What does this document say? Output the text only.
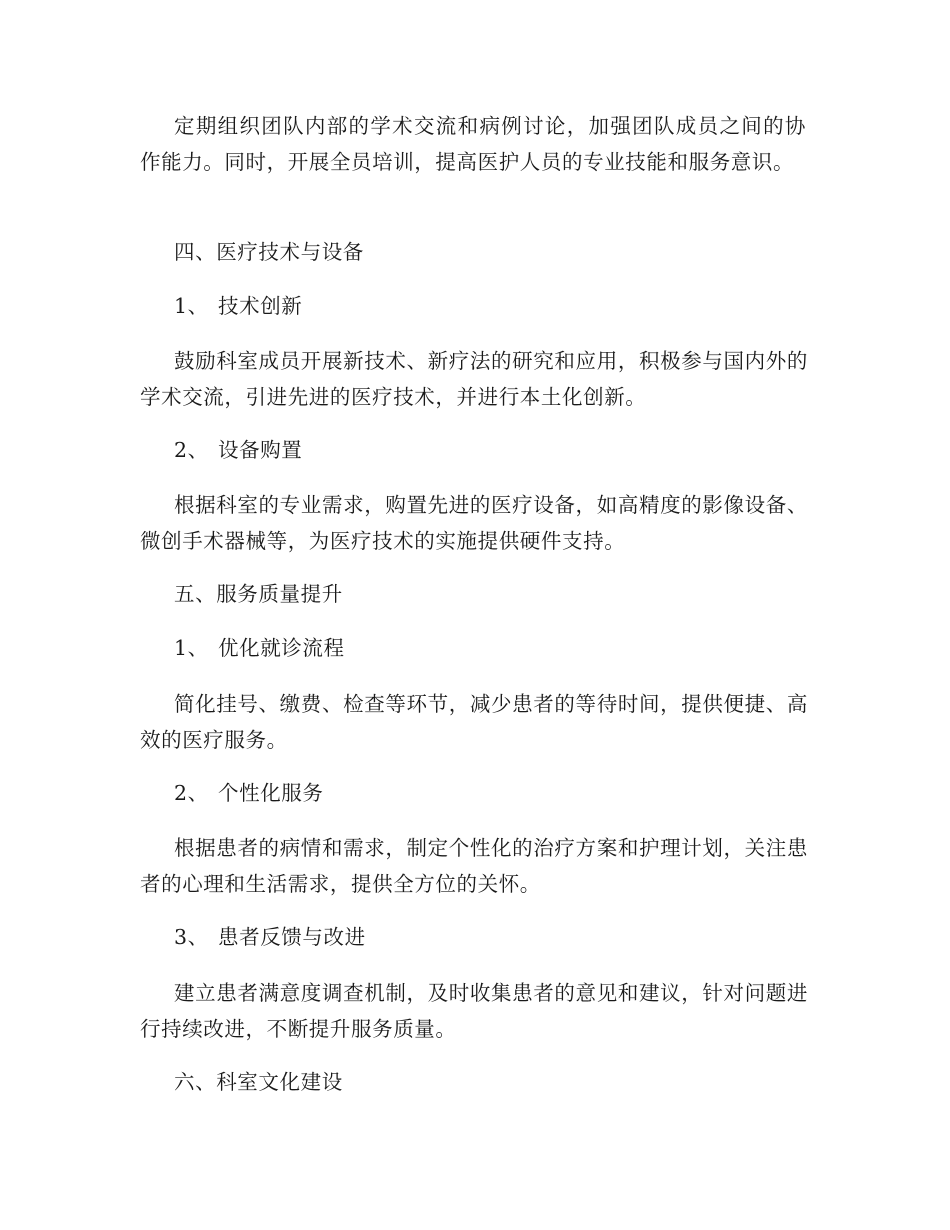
定期组织团队内部的学术交流和病例讨论，加强团队成员之间的协作能力。同时，开展全员培训，提高医护人员的专业技能和服务意识。

四、医疗技术与设备

1、 技术创新

鼓励科室成员开展新技术、新疗法的研究和应用，积极参与国内外的学术交流，引进先进的医疗技术，并进行本土化创新。

2、 设备购置

根据科室的专业需求，购置先进的医疗设备，如高精度的影像设备、微创手术器械等，为医疗技术的实施提供硬件支持。

五、服务质量提升

1、 优化就诊流程

简化挂号、缴费、检查等环节，减少患者的等待时间，提供便捷、高效的医疗服务。

2、 个性化服务

根据患者的病情和需求，制定个性化的治疗方案和护理计划，关注患者的心理和生活需求，提供全方位的关怀。

3、 患者反馈与改进

建立患者满意度调查机制，及时收集患者的意见和建议，针对问题进行持续改进，不断提升服务质量。

六、科室文化建设
